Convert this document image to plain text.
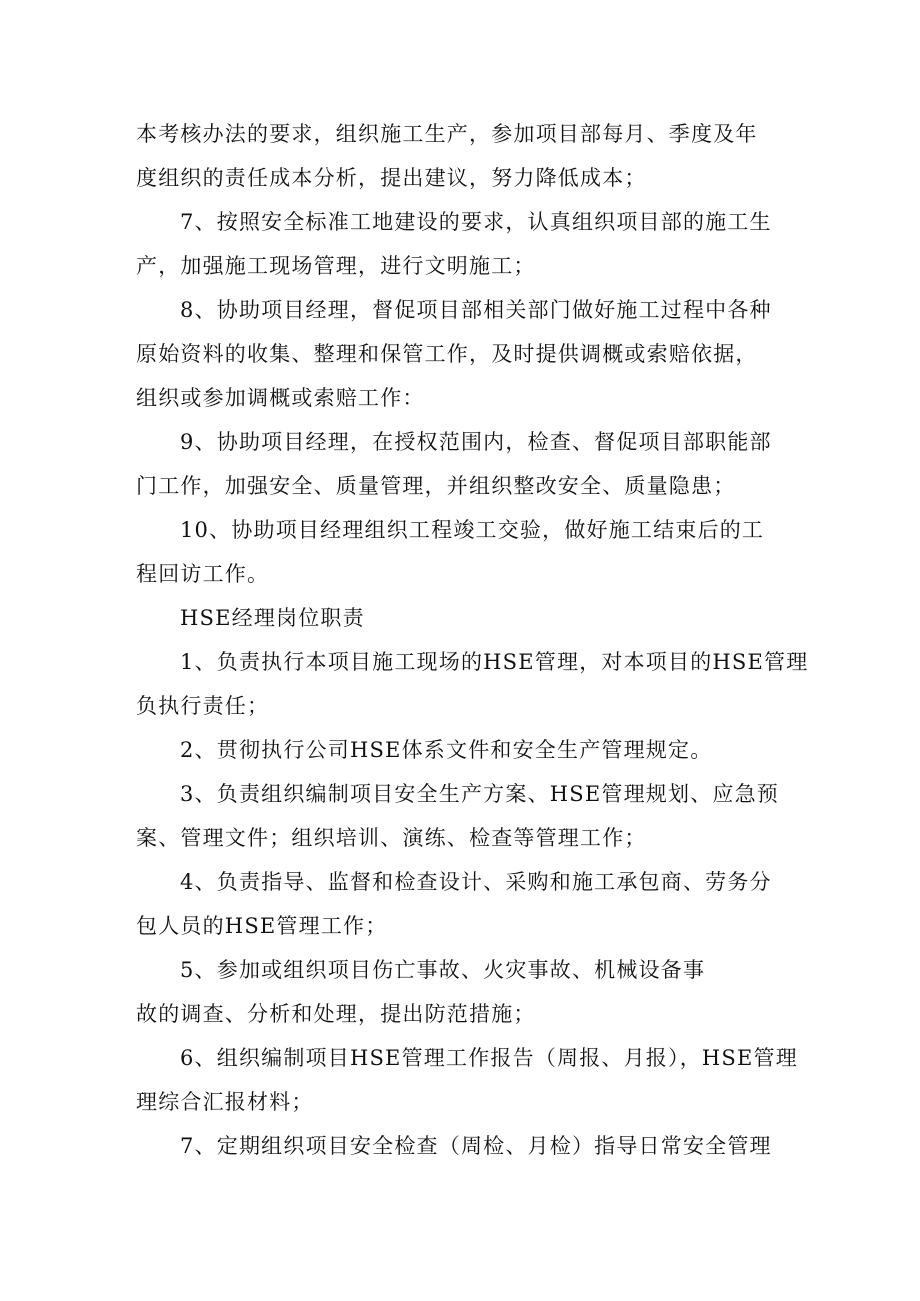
本考核办法的要求，组织施工生产，参加项目部每月、季度及年
度组织的责任成本分析，提出建议，努力降低成本；
7、按照安全标准工地建设的要求，认真组织项目部的施工生
产，加强施工现场管理，进行文明施工；
8、协助项目经理，督促项目部相关部门做好施工过程中各种
原始资料的收集、整理和保管工作，及时提供调概或索赔依据，
组织或参加调概或索赔工作：
9、协助项目经理，在授权范围内，检查、督促项目部职能部
门工作，加强安全、质量管理，并组织整改安全、质量隐患；
10、协助项目经理组织工程竣工交验，做好施工结束后的工
程回访工作。
HSE经理岗位职责
1、负责执行本项目施工现场的HSE管理，对本项目的HSE管理
负执行责任；
2、贯彻执行公司HSE体系文件和安全生产管理规定。
3、负责组织编制项目安全生产方案、HSE管理规划、应急预
案、管理文件；组织培训、演练、检查等管理工作；
4、负责指导、监督和检查设计、采购和施工承包商、劳务分
包人员的HSE管理工作；
5、参加或组织项目伤亡事故、火灾事故、机械设备事
故的调查、分析和处理，提出防范措施；
6、组织编制项目HSE管理工作报告（周报、月报），HSE管理
理综合汇报材料；
7、定期组织项目安全检查（周检、月检）指导日常安全管理
